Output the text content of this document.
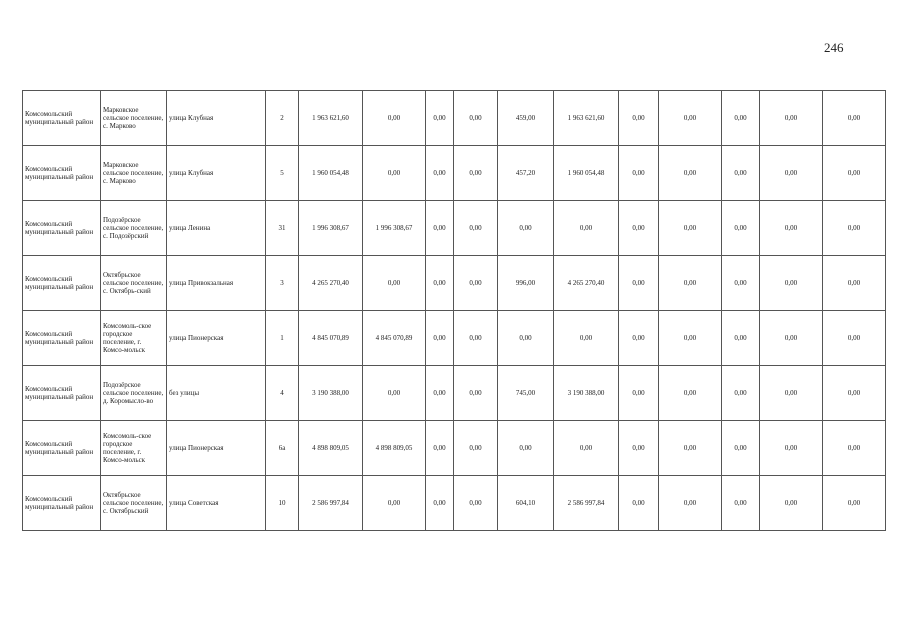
246
Комсомольский муниципальный район	Марковское сельское поселение, с. Марково	улица Клубная	2	1 963 621,60	0,00	0,00	0,00	459,00	1 963 621,60	0,00	0,00	0,00	0,00	0,00
Комсомольский муниципальный район	Марковское сельское поселение, с. Марково	улица Клубная	5	1 960 054,48	0,00	0,00	0,00	457,20	1 960 054,48	0,00	0,00	0,00	0,00	0,00
Комсомольский муниципальный район	Подозёрское сельское поселение, с. Подозёрский	улица Ленина	31	1 996 308,67	1 996 308,67	0,00	0,00	0,00	0,00	0,00	0,00	0,00	0,00	0,00
Комсомольский муниципальный район	Октябрьское сельское поселение, с. Октябрь-ский	улица Привокзальная	3	4 265 270,40	0,00	0,00	0,00	996,00	4 265 270,40	0,00	0,00	0,00	0,00	0,00
Комсомольский муниципальный район	Комсомоль-ское городское поселение, г. Комсо-мольск	улица Пионерская	1	4 845 070,89	4 845 070,89	0,00	0,00	0,00	0,00	0,00	0,00	0,00	0,00	0,00
Комсомольский муниципальный район	Подозёрское сельское поселение, д. Коромысло-во	без улицы	4	3 190 388,00	0,00	0,00	0,00	745,00	3 190 388,00	0,00	0,00	0,00	0,00	0,00
Комсомольский муниципальный район	Комсомоль-ское городское поселение, г. Комсо-мольск	улица Пионерская	6а	4 898 809,05	4 898 809,05	0,00	0,00	0,00	0,00	0,00	0,00	0,00	0,00	0,00
Комсомольский муниципальный район	Октябрьское сельское поселение, с. Октябрьский	улица Советская	10	2 586 997,84	0,00	0,00	0,00	604,10	2 586 997,84	0,00	0,00	0,00	0,00	0,00
